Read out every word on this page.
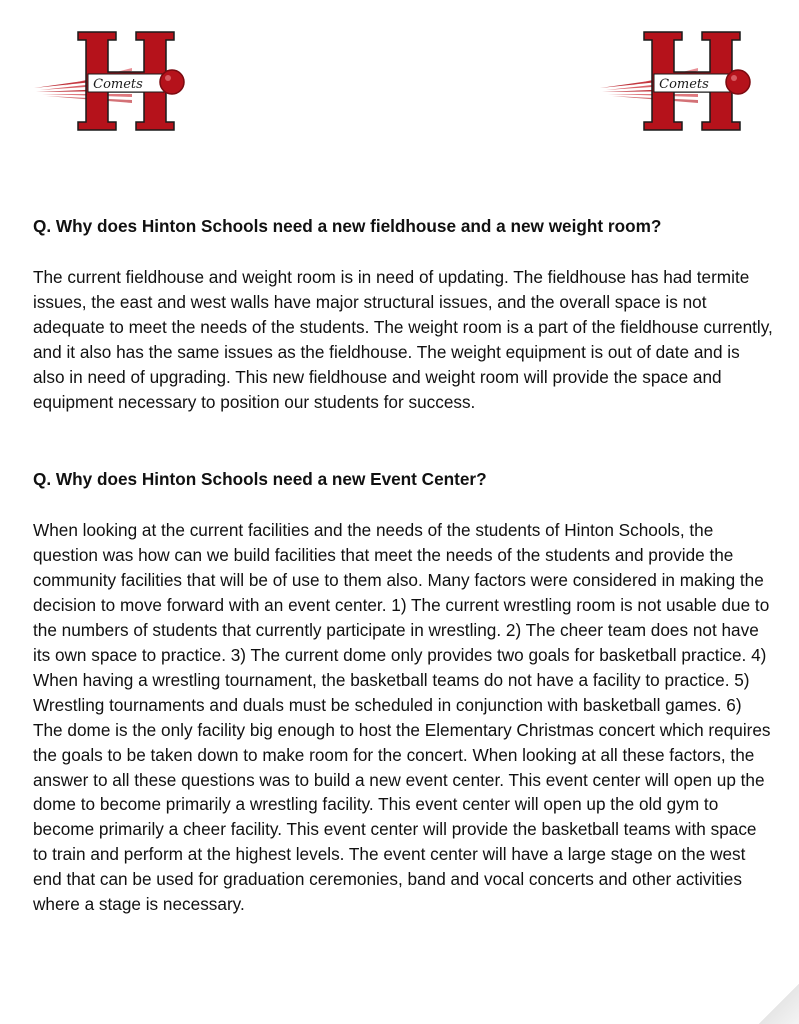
Comets	Comets

Q. Why does Hinton Schools need a new fieldhouse and a new weight room?

The current fieldhouse and weight room is in need of updating. The fieldhouse has had termite issues, the east and west walls have major structural issues, and the overall space is not adequate to meet the needs of the students. The weight room is a part of the fieldhouse currently, and it also has the same issues as the fieldhouse. The weight equipment is out of date and is also in need of upgrading. This new fieldhouse and weight room will provide the space and equipment necessary to position our students for success.

Q. Why does Hinton Schools need a new Event Center?

When looking at the current facilities and the needs of the students of Hinton Schools, the question was how can we build facilities that meet the needs of the students and provide the community facilities that will be of use to them also. Many factors were considered in making the decision to move forward with an event center. 1) The current wrestling room is not usable due to the numbers of students that currently participate in wrestling. 2) The cheer team does not have its own space to practice. 3) The current dome only provides two goals for basketball practice. 4) When having a wrestling tournament, the basketball teams do not have a facility to practice. 5) Wrestling tournaments and duals must be scheduled in conjunction with basketball games. 6) The dome is the only facility big enough to host the Elementary Christmas concert which requires the goals to be taken down to make room for the concert. When looking at all these factors, the answer to all these questions was to build a new event center. This event center will open up the dome to become primarily a wrestling facility. This event center will open up the old gym to become primarily a cheer facility. This event center will provide the basketball teams with space to train and perform at the highest levels. The event center will have a large stage on the west end that can be used for graduation ceremonies, band and vocal concerts and other activities where a stage is necessary.
